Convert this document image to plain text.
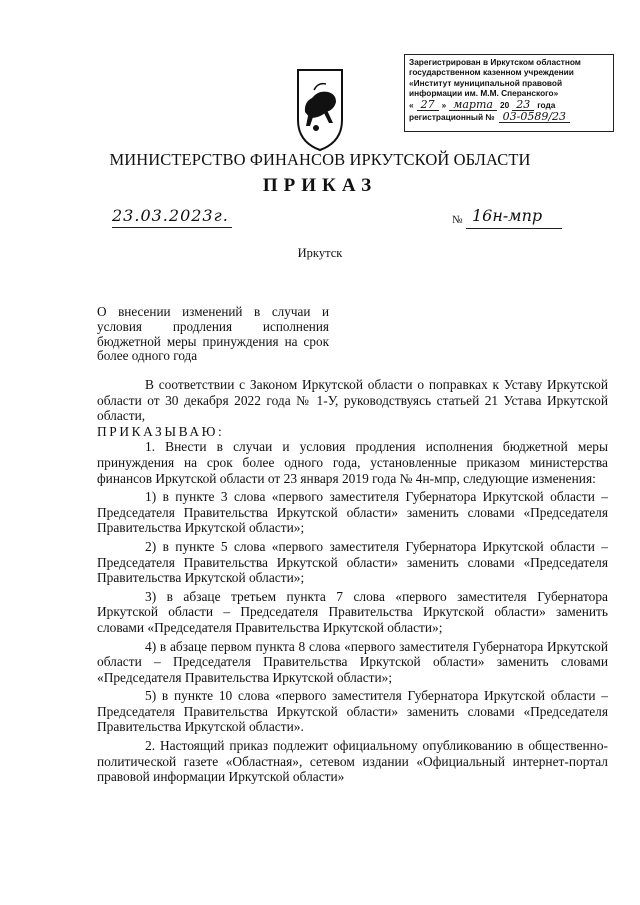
Зарегистрирован в Иркутском областном
государственном казенном учреждении
«Институт муниципальной правовой
информации им. М.М. Сперанского»
« 27 » марта 20 23 года
регистрационный № 03-0589/23
МИНИСТЕРСТВО ФИНАНСОВ ИРКУТСКОЙ ОБЛАСТИ
ПРИКАЗ
23.03.2023г.	№ 16н-мпр
Иркутск
О внесении изменений в случаи и условия продления исполнения бюджетной меры принуждения на срок более одного года

В соответствии с Законом Иркутской области о поправках к Уставу Иркутской области от 30 декабря 2022 года № 1-У, руководствуясь статьей 21 Устава Иркутской области,

ПРИКАЗЫВАЮ:

1. Внести в случаи и условия продления исполнения бюджетной меры принуждения на срок более одного года, установленные приказом министерства финансов Иркутской области от 23 января 2019 года № 4н-мпр, следующие изменения:

1) в пункте 3 слова «первого заместителя Губернатора Иркутской области – Председателя Правительства Иркутской области» заменить словами «Председателя Правительства Иркутской области»;

2) в пункте 5 слова «первого заместителя Губернатора Иркутской области – Председателя Правительства Иркутской области» заменить словами «Председателя Правительства Иркутской области»;

3) в абзаце третьем пункта 7 слова «первого заместителя Губернатора Иркутской области – Председателя Правительства Иркутской области» заменить словами «Председателя Правительства Иркутской области»;

4) в абзаце первом пункта 8 слова «первого заместителя Губернатора Иркутской области – Председателя Правительства Иркутской области» заменить словами «Председателя Правительства Иркутской области»;

5) в пункте 10 слова «первого заместителя Губернатора Иркутской области – Председателя Правительства Иркутской области» заменить словами «Председателя Правительства Иркутской области».

2. Настоящий приказ подлежит официальному опубликованию в общественно-политической газете «Областная», сетевом издании «Официальный интернет-портал правовой информации Иркутской области»
